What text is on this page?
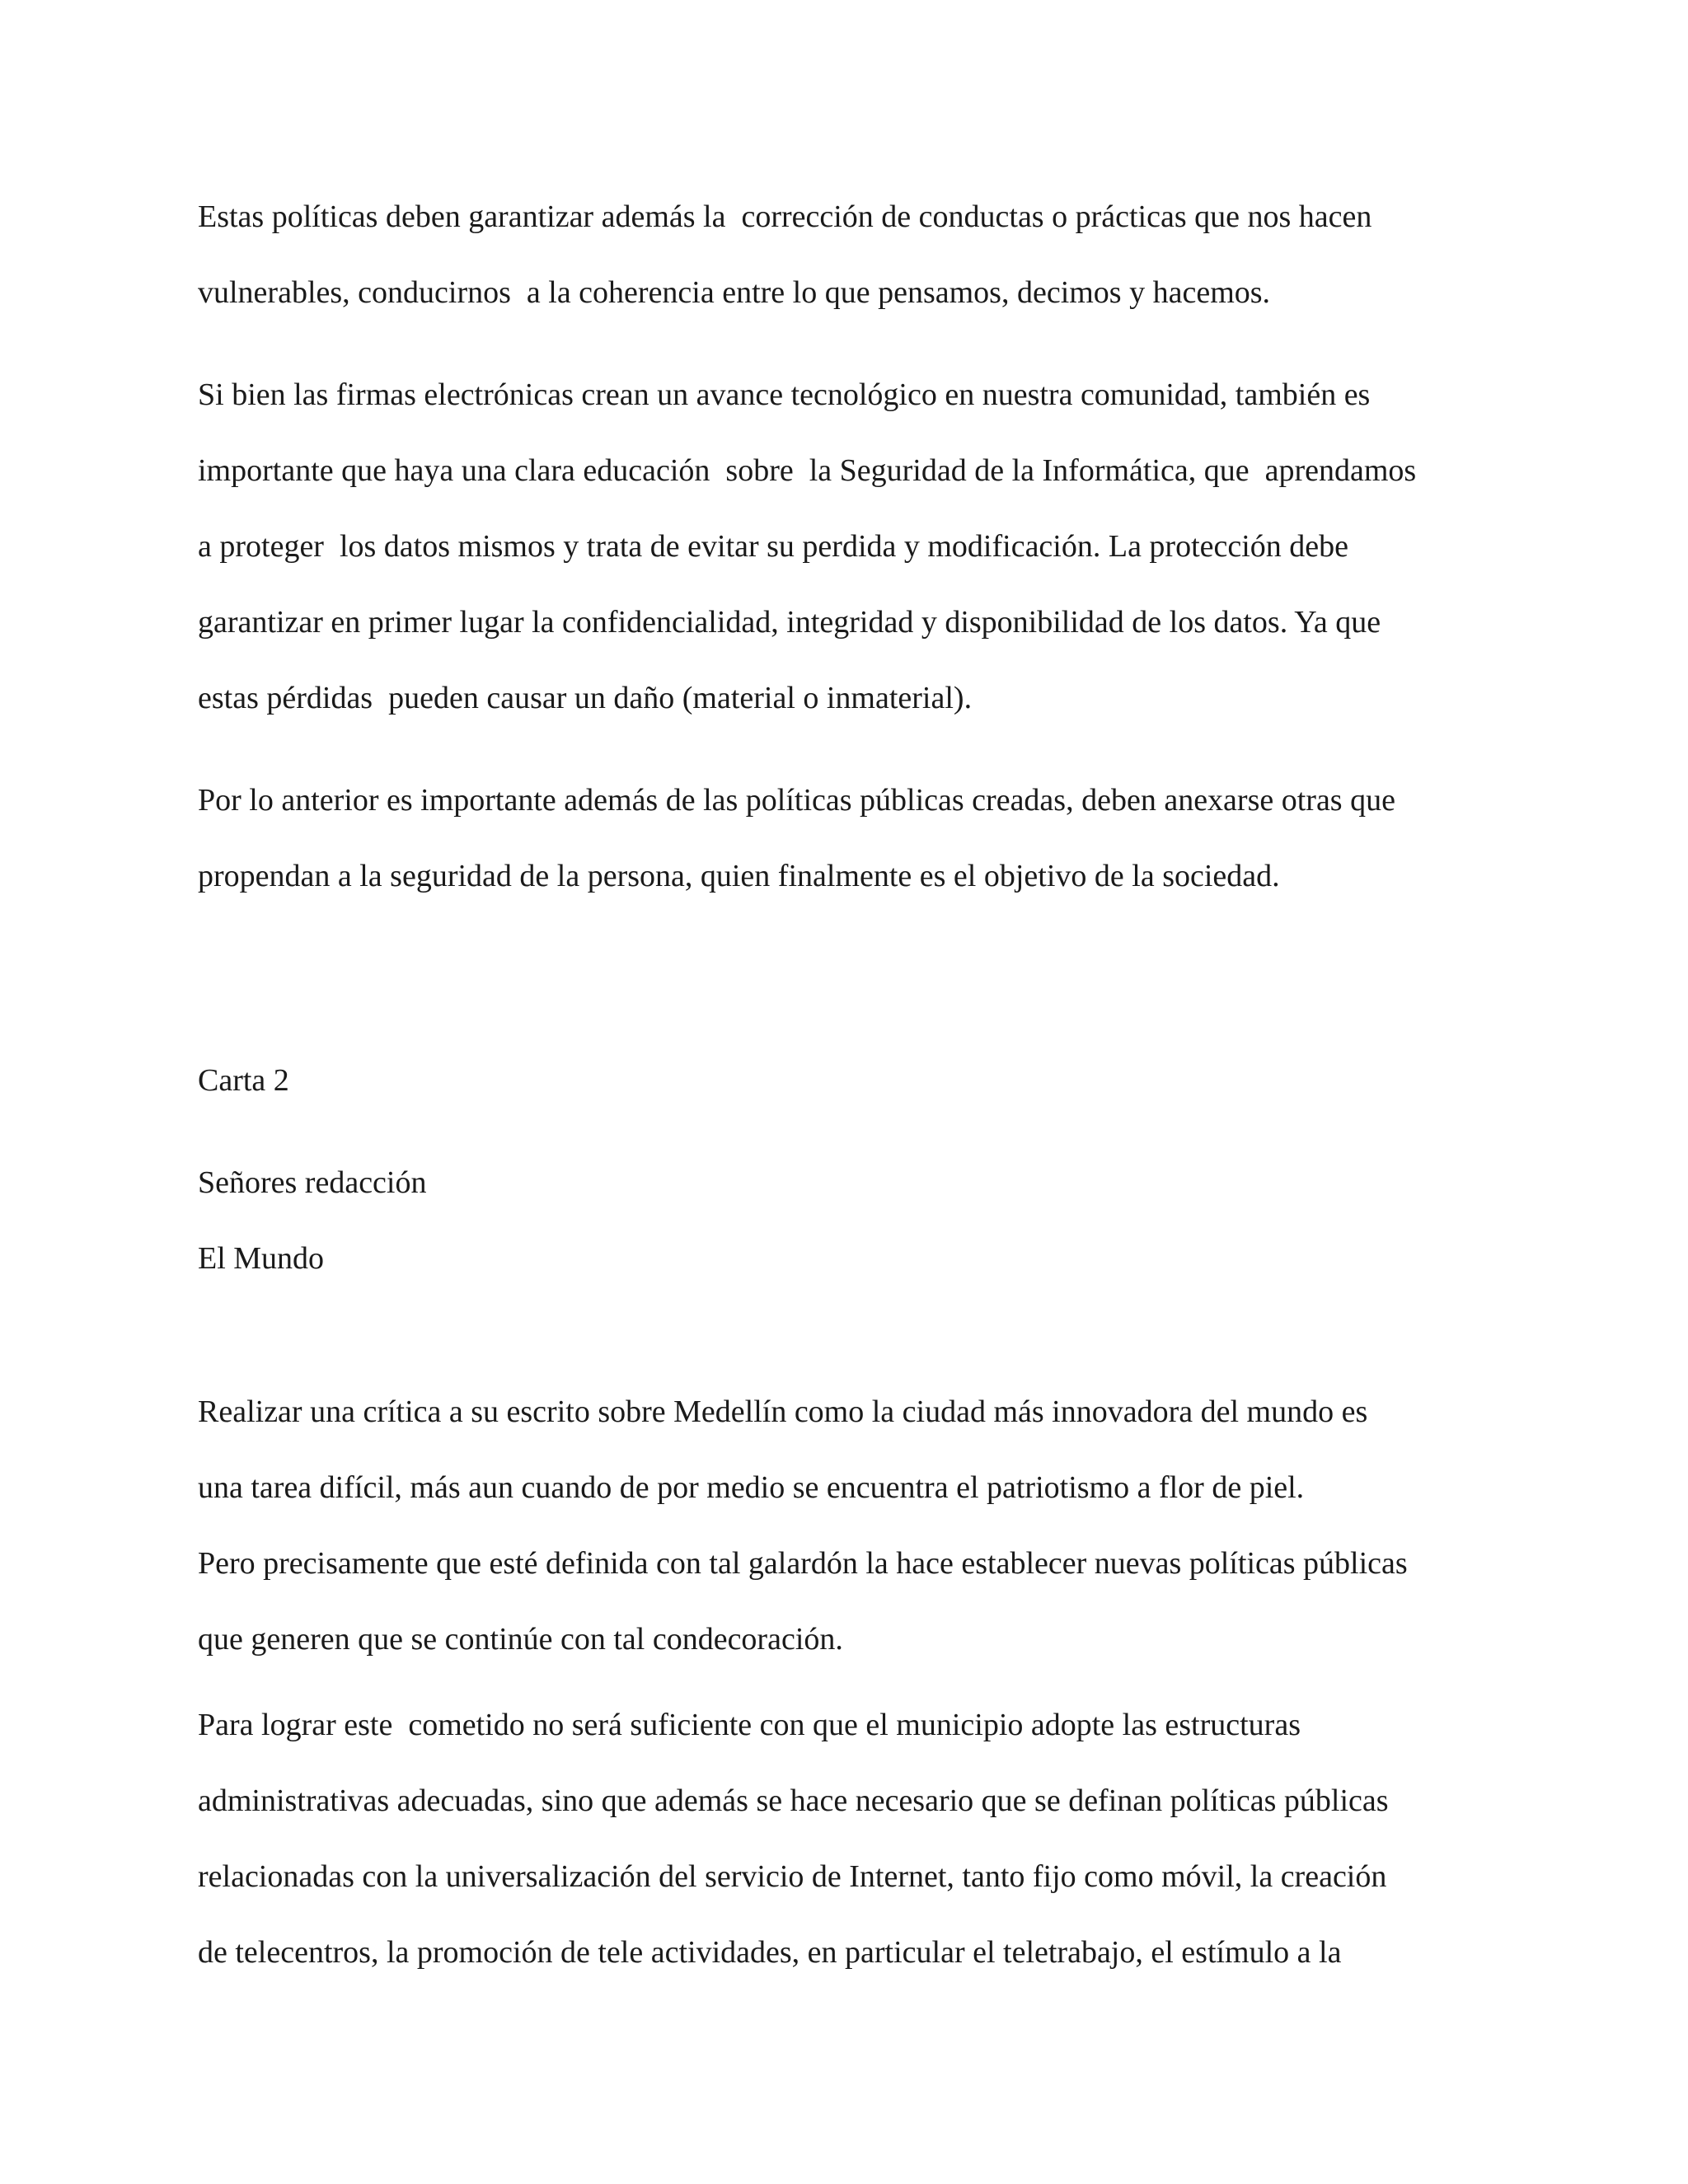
Estas políticas deben garantizar además la  corrección de conductas o prácticas que nos hacen

vulnerables, conducirnos  a la coherencia entre lo que pensamos, decimos y hacemos.

Si bien las firmas electrónicas crean un avance tecnológico en nuestra comunidad, también es

importante que haya una clara educación  sobre  la Seguridad de la Informática, que  aprendamos

a proteger  los datos mismos y trata de evitar su perdida y modificación. La protección debe

garantizar en primer lugar la confidencialidad, integridad y disponibilidad de los datos. Ya que

estas pérdidas  pueden causar un daño (material o inmaterial).

Por lo anterior es importante además de las políticas públicas creadas, deben anexarse otras que

propendan a la seguridad de la persona, quien finalmente es el objetivo de la sociedad.

Carta 2

Señores redacción

El Mundo

Realizar una crítica a su escrito sobre Medellín como la ciudad más innovadora del mundo es

una tarea difícil, más aun cuando de por medio se encuentra el patriotismo a flor de piel.

Pero precisamente que esté definida con tal galardón la hace establecer nuevas políticas públicas

que generen que se continúe con tal condecoración.

Para lograr este  cometido no será suficiente con que el municipio adopte las estructuras

administrativas adecuadas, sino que además se hace necesario que se definan políticas públicas

relacionadas con la universalización del servicio de Internet, tanto fijo como móvil, la creación

de telecentros, la promoción de tele actividades, en particular el teletrabajo, el estímulo a la
